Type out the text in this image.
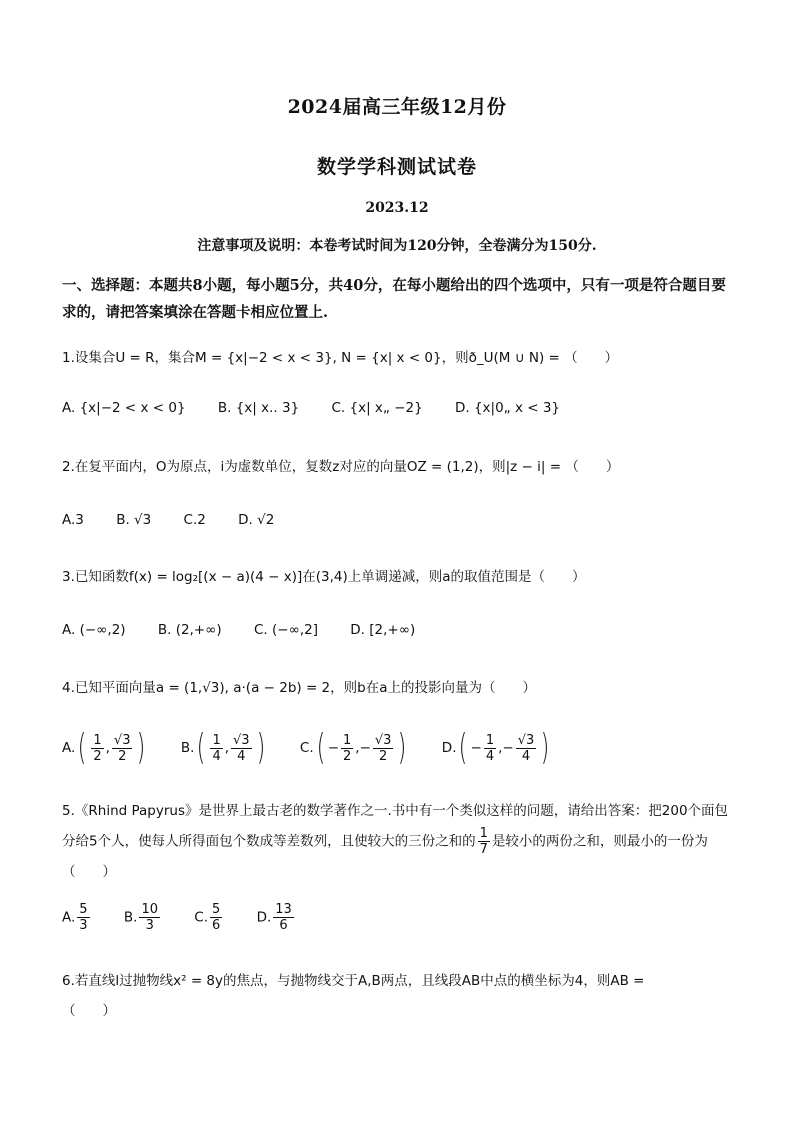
2024届高三年级12月份
数学学科测试试卷
2023.12
注意事项及说明：本卷考试时间为120分钟，全卷满分为150分.
一、选择题：本题共8小题，每小题5分，共40分，在每小题给出的四个选项中，只有一项是符合题目要求的，请把答案填涂在答题卡相应位置上.
1.设集合U = R，集合M = {x|−2 < x < 3}, N = {x| x < 0}，则ð_U(M ∪ N) = （　　）
A. {x|−2 < x < 0} B. {x| x.. 3} C. {x| x„ −2} D. {x|0„ x < 3}
2.在复平面内，O为原点，i为虚数单位，复数z对应的向量OZ = (1,2)，则|z − i| = （　　）
A.3 B. √3 C.2 D. √2
3.已知函数f(x) = log₂[(x − a)(4 − x)]在(3,4)上单调递减，则a的取值范围是（　　）
A. (−∞,2) B. (2,+∞) C. (−∞,2] D. [2,+∞)
4.已知平面向量a = (1,√3), a·(a − 2b) = 2，则b在a上的投影向量为（　　）
$A.( \frac{1}{2}$ , $\frac{√3}{2}$ )	$B.( \frac{1}{4}$ , $\frac{√3}{4}$ )	$C.( - \frac{1}{2}$ ,− $\frac{√3}{2}$ )	$D.( - \frac{1}{4}$ ,− $\frac{√3}{4}$ )
5.《Rhind Papyrus》是世界上最古老的数学著作之一.书中有一个类似这样的问题，请给出答案：把200个面包分给5个人，使每人所得面包个数成等差数列，且使较大的三份之和的 $\frac{1}{7}$ 是较小的两份之和，则最小的一份为（　　）
A. $\frac{5}{3}$	B. $\frac{10}{3}$	C. $\frac{5}{6}$	D. $\frac{13}{6}$
6.若直线l过抛物线x² = 8y的焦点，与抛物线交于A,B两点，且线段AB中点的横坐标为4，则AB =
（　　）
